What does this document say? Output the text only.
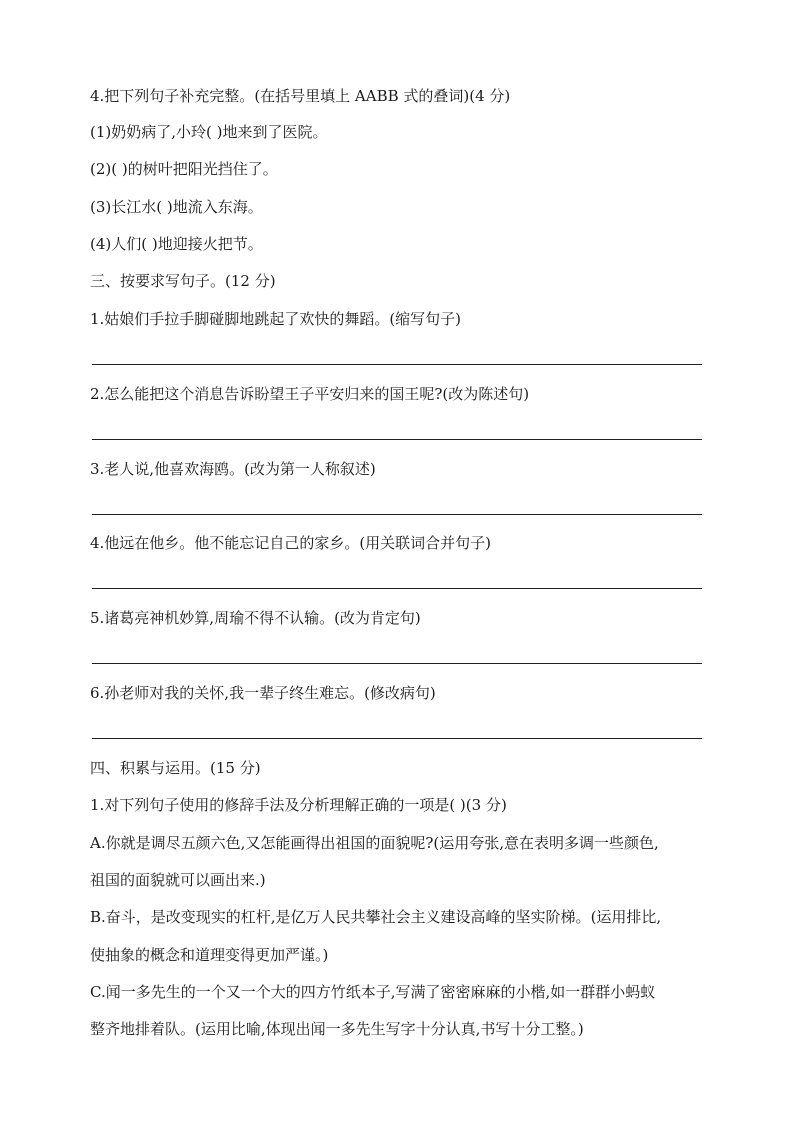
4.把下列句子补充完整。(在括号里填上 AABB 式的叠词)(4 分)
(1)奶奶病了,小玲( )地来到了医院。
(2)( )的树叶把阳光挡住了。
(3)长江水( )地流入东海。
(4)人们( )地迎接火把节。
三、按要求写句子。(12 分)
1.姑娘们手拉手脚碰脚地跳起了欢快的舞蹈。(缩写句子)
2.怎么能把这个消息告诉盼望王子平安归来的国王呢?(改为陈述句)
3.老人说,他喜欢海鸥。(改为第一人称叙述)
4.他远在他乡。他不能忘记自己的家乡。(用关联词合并句子)
5.诸葛亮神机妙算,周瑜不得不认输。(改为肯定句)
6.孙老师对我的关怀,我一辈子终生难忘。(修改病句)
四、积累与运用。(15 分)
1.对下列句子使用的修辞手法及分析理解正确的一项是( )(3 分)
A.你就是调尽五颜六色,又怎能画得出祖国的面貌呢?(运用夸张,意在表明多调一些颜色,
祖国的面貌就可以画出来.)
B.奋斗，是改变现实的杠杆,是亿万人民共攀社会主义建设高峰的坚实阶梯。(运用排比,
使抽象的概念和道理变得更加严谨。)
C.闻一多先生的一个又一个大的四方竹纸本子,写满了密密麻麻的小楷,如一群群小蚂蚁
整齐地排着队。(运用比喻,体现出闻一多先生写字十分认真,书写十分工整。)
